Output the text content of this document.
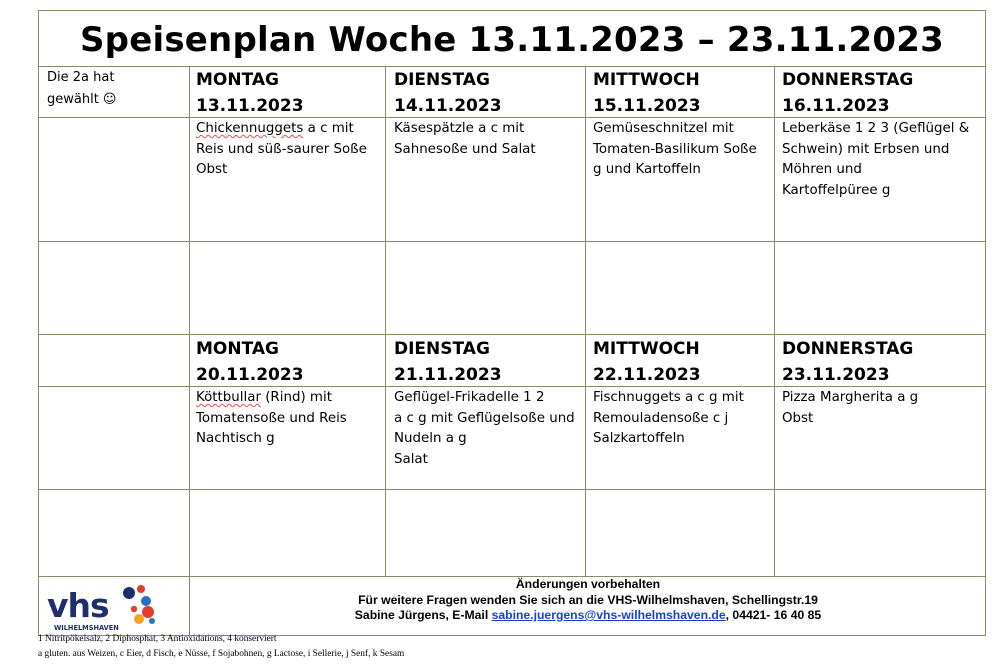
Speisenplan Woche 13.11.2023 – 23.11.2023
Die 2a hat
gewählt ☺
MONTAG
13.11.2023
DIENSTAG
14.11.2023
MITTWOCH
15.11.2023
DONNERSTAG
16.11.2023
Chickennuggets a c mit
Reis und süß-saurer Soße
Obst
Käsespätzle a c mit
Sahnesoße und Salat
Gemüseschnitzel mit
Tomaten-Basilikum Soße
g und Kartoffeln
Leberkäse 1 2 3 (Geflügel &
Schwein) mit Erbsen und
Möhren und
Kartoffelpüree g
MONTAG
20.11.2023
DIENSTAG
21.11.2023
MITTWOCH
22.11.2023
DONNERSTAG
23.11.2023
Köttbullar (Rind) mit
Tomatensoße und Reis
Nachtisch g
Geflügel-Frikadelle 1 2
a c g mit Geflügelsoße und
Nudeln a g
Salat
Fischnuggets a c g mit
Remouladensoße c j
Salzkartoffeln
Pizza Margherita a g
Obst
vhs
WILHELMSHAVEN
Änderungen vorbehalten
Für weitere Fragen wenden Sie sich an die VHS-Wilhelmshaven, Schellingstr.19
Sabine Jürgens, E-Mail sabine.juergens@vhs-wilhelmshaven.de, 04421- 16 40 85
1 Nitritpökelsalz, 2 Diphosphat, 3 Antioxidations, 4 konserviert
a gluten. aus Weizen, c Eier, d Fisch, e Nüsse, f Sojabohnen, g Lactose, i Sellerie, j Senf, k Sesam
